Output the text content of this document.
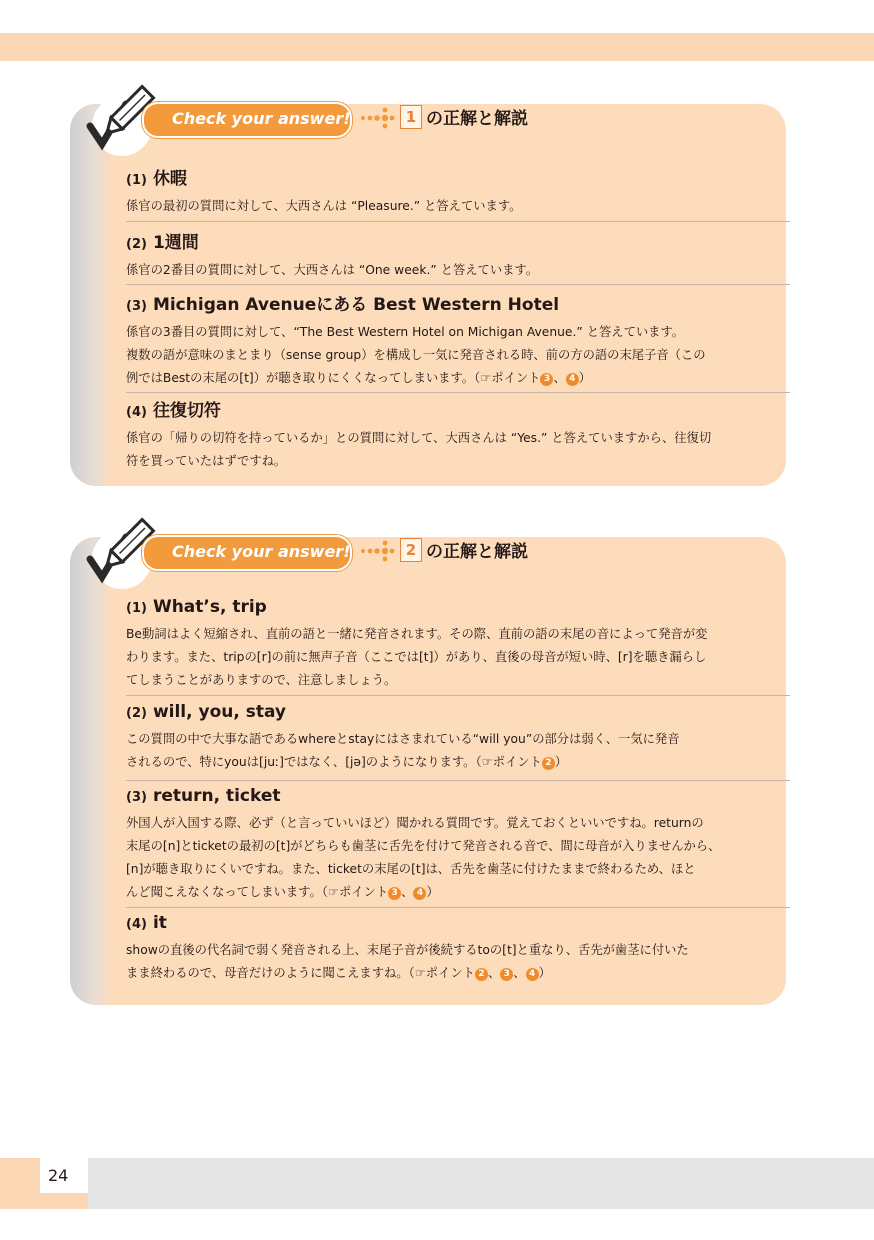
Check your answer!	1 の正解と解説
(1) 休暇
係官の最初の質問に対して、大西さんは “Pleasure.” と答えています。
(2) 1週間
係官の2番目の質問に対して、大西さんは “One week.” と答えています。
(3) Michigan Avenueにある Best Western Hotel
係官の3番目の質問に対して、“The Best Western Hotel on Michigan Avenue.” と答えています。
複数の語が意味のまとまり（sense group）を構成し一気に発音される時、前の方の語の末尾子音（この
例ではBestの末尾の[t]）が聴き取りにくくなってしまいます。（☞ポイント 3 、 4 ）
(4) 往復切符
係官の「帰りの切符を持っているか」との質問に対して、大西さんは “Yes.” と答えていますから、往復切
符を買っていたはずですね。
Check your answer!	2 の正解と解説
(1) What’s, trip
Be動詞はよく短縮され、直前の語と一緒に発音されます。その際、直前の語の末尾の音によって発音が変
わります。また、tripの[r]の前に無声子音（ここでは[t]）があり、直後の母音が短い時、[r]を聴き漏らし
てしまうことがありますので、注意しましょう。
(2) will, you, stay
この質問の中で大事な語であるwhereとstayにはさまれている“will you”の部分は弱く、一気に発音
されるので、特にyouは[juː]ではなく、[jə]のようになります。（☞ポイント 2 ）
(3) return, ticket
外国人が入国する際、必ず（と言っていいほど）聞かれる質問です。覚えておくといいですね。returnの
末尾の[n]とticketの最初の[t]がどちらも歯茎に舌先を付けて発音される音で、間に母音が入りませんから、
[n]が聴き取りにくいですね。また、ticketの末尾の[t]は、舌先を歯茎に付けたままで終わるため、ほと
んど聞こえなくなってしまいます。（☞ポイント 3 、 4 ）
(4) it
showの直後の代名詞で弱く発音される上、末尾子音が後続するtoの[t]と重なり、舌先が歯茎に付いた
まま終わるので、母音だけのように聞こえますね。（☞ポイント 2 、 3 、 4 ）
24
